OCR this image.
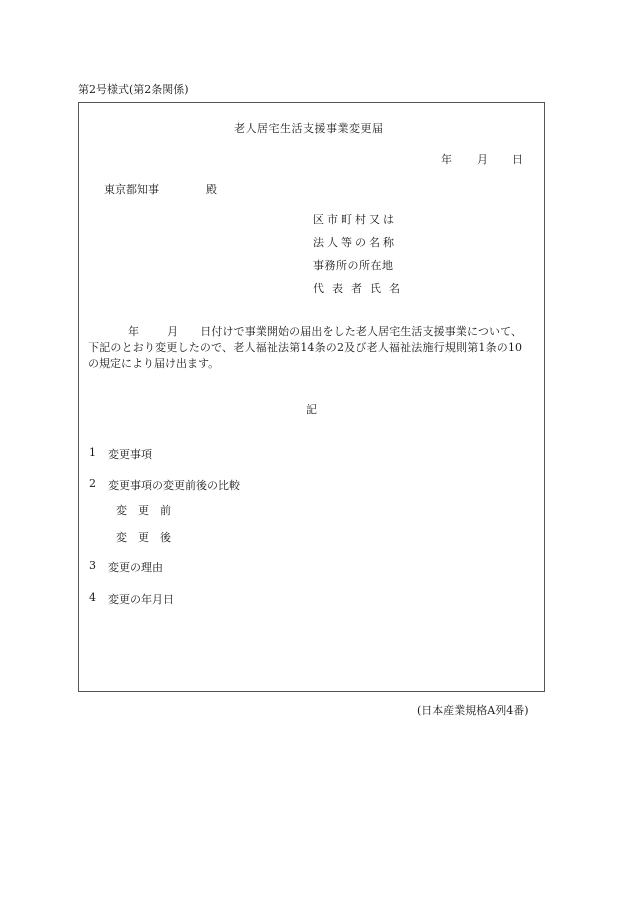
第2号様式(第2条関係)
老人居宅生活支援事業変更届
年 月 日
東京都知事	殿
区市町村又は
法人等の名称
事務所の所在地
代表者氏名
年	月 日付けで事業開始の届出をした老人居宅生活支援事業について、下記のとおり変更したので、老人福祉法第14条の2及び老人福祉法施行規則第1条の10の規定により届け出ます。
記
1 変更事項
2 変更事項の変更前後の比較
変　更　前
変　更　後
3 変更の理由
4 変更の年月日
(日本産業規格A列4番)
